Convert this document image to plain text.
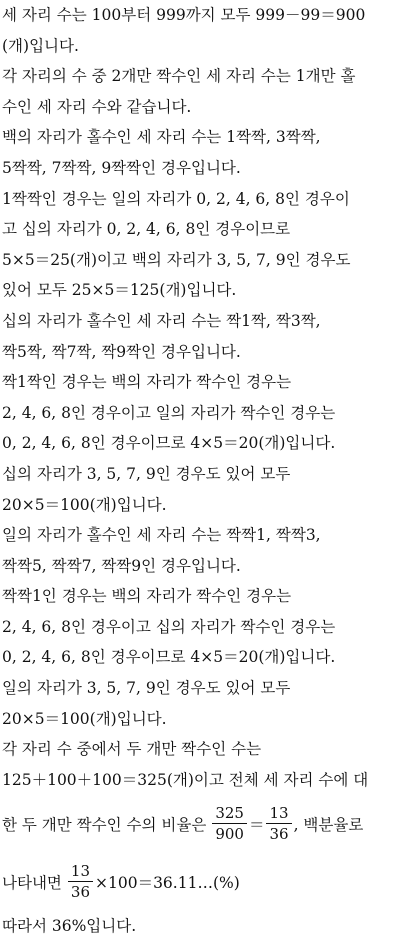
세 자리 수는 100부터 999까지 모두 999－99＝900
(개)입니다.
각 자리의 수 중 2개만 짝수인 세 자리 수는 1개만 홀
수인 세 자리 수와 같습니다.
백의 자리가 홀수인 세 자리 수는 1짝짝, 3짝짝,
5짝짝, 7짝짝, 9짝짝인 경우입니다.
1짝짝인 경우는 일의 자리가 0, 2, 4, 6, 8인 경우이
고 십의 자리가 0, 2, 4, 6, 8인 경우이므로
5×5＝25(개)이고 백의 자리가 3, 5, 7, 9인 경우도
있어 모두 25×5＝125(개)입니다.
십의 자리가 홀수인 세 자리 수는 짝1짝, 짝3짝,
짝5짝, 짝7짝, 짝9짝인 경우입니다.
짝1짝인 경우는 백의 자리가 짝수인 경우는
2, 4, 6, 8인 경우이고 일의 자리가 짝수인 경우는
0, 2, 4, 6, 8인 경우이므로 4×5＝20(개)입니다.
십의 자리가 3, 5, 7, 9인 경우도 있어 모두
20×5＝100(개)입니다.
일의 자리가 홀수인 세 자리 수는 짝짝1, 짝짝3,
짝짝5, 짝짝7, 짝짝9인 경우입니다.
짝짝1인 경우는 백의 자리가 짝수인 경우는
2, 4, 6, 8인 경우이고 십의 자리가 짝수인 경우는
0, 2, 4, 6, 8인 경우이므로 4×5＝20(개)입니다.
일의 자리가 3, 5, 7, 9인 경우도 있어 모두
20×5＝100(개)입니다.
각 자리 수 중에서 두 개만 짝수인 수는
125＋100＋100＝325(개)이고 전체 세 자리 수에 대
한 두 개만 짝수인 수의 비율은 $\frac{325}{900} = \frac{13}{36}$ , 백분율로
나타내면 $\frac{13}{36}$ ×100＝36.11…(%)
따라서 36%입니다.
